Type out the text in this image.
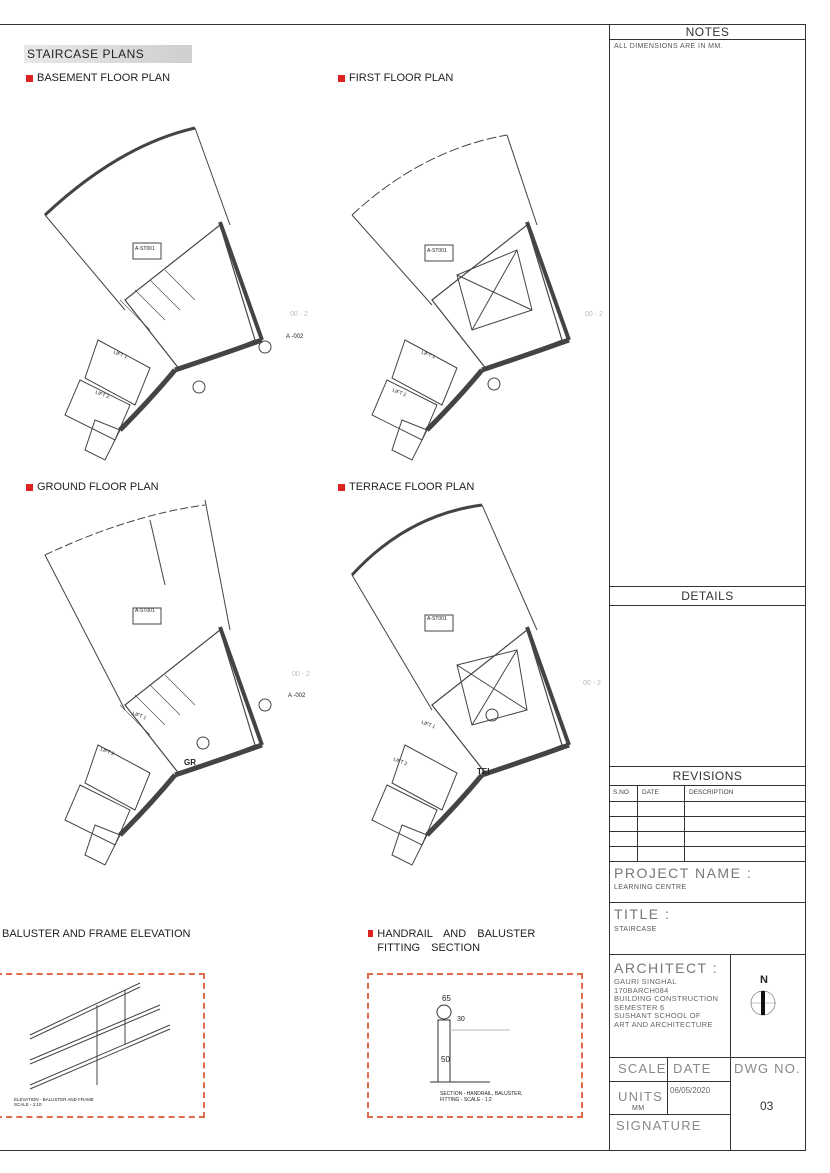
STAIRCASE PLANS
BASEMENT FLOOR PLAN	FIRST FLOOR PLAN
GROUND FLOOR PLAN	TERRACE FLOOR PLAN
A -002
00 - 2
LIFT 1
LIFT 2
A-ST001
00 - 2
LIFT 1
LIFT 2
A-ST001
A -002
00 - 2
LIFT 1
LIFT 2
A-ST001
GR
00 - 2
LIFT 1
LIFT 2
A-ST001
TEI
BALUSTER AND FRAME ELEVATION	HANDRAIL AND BALUSTER FITTING SECTION
ELEVATION - BALUSTER AND FRAME
SCALE - 1:10
65
30
50
SECTION - HANDRAIL, BALUSTER,
FITTING - SCALE - 1:2
NOTES
ALL DIMENSIONS ARE IN MM.
DETAILS
REVISIONS
S.NO DATE	DESCRIPTION
PROJECT NAME :
LEARNING CENTRE
TITLE :
STAIRCASE
ARCHITECT :
GAURI SINGHAL
170BARCH084
BUILDING CONSTRUCTION
SEMESTER 6
SUSHANT SCHOOL OF
ART AND ARCHITECTURE
N
SCALE DATE DWG NO.
UNITS
MM
06/05/2020
03
SIGNATURE
